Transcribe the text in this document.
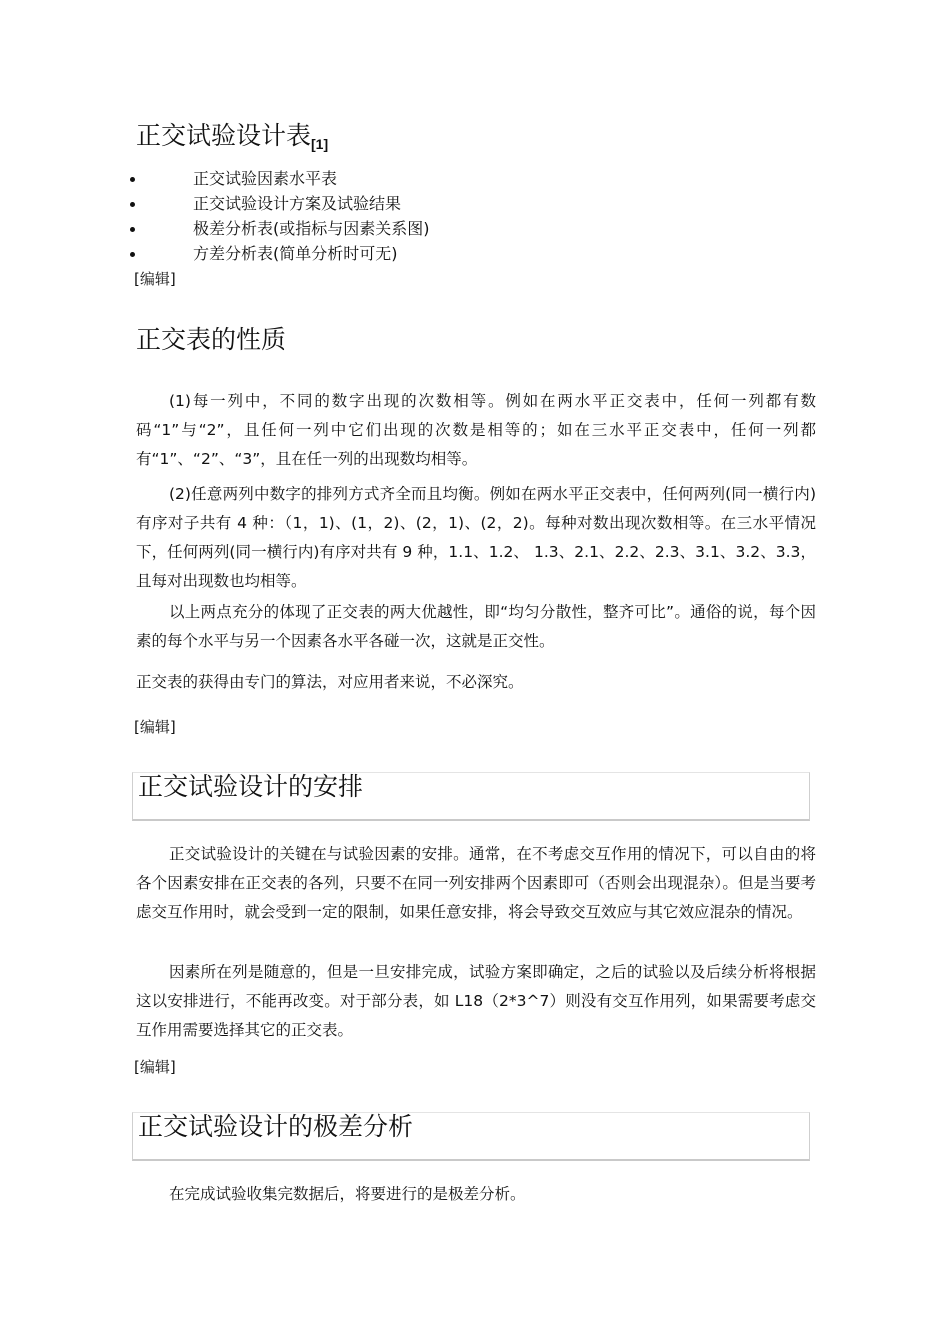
正交试验设计表$_{[1]}$
正交试验因素水平表
正交试验设计方案及试验结果
极差分析表(或指标与因素关系图)
方差分析表(简单分析时可无)
[编辑]
正交表的性质
(1)每一列中，不同的数字出现的次数相等。例如在两水平正交表中，任何一列都有数码“1”与“2”，且任何一列中它们出现的次数是相等的；如在三水平正交表中，任何一列都有“1”、“2”、“3”，且在任一列的出现数均相等。
(2)任意两列中数字的排列方式齐全而且均衡。例如在两水平正交表中，任何两列(同一横行内)有序对子共有 4 种：（1，1)、(1，2)、(2，1)、(2，2)。每种对数出现次数相等。在三水平情况下，任何两列(同一横行内)有序对共有 9 种，1.1、1.2、 1.3、2.1、2.2、2.3、3.1、3.2、3.3，且每对出现数也均相等。
以上两点充分的体现了正交表的两大优越性，即“均匀分散性，整齐可比”。通俗的说，每个因素的每个水平与另一个因素各水平各碰一次，这就是正交性。
正交表的获得由专门的算法，对应用者来说，不必深究。
[编辑]
正交试验设计的安排
正交试验设计的关键在与试验因素的安排。通常，在不考虑交互作用的情况下，可以自由的将各个因素安排在正交表的各列，只要不在同一列安排两个因素即可（否则会出现混杂）。但是当要考虑交互作用时，就会受到一定的限制，如果任意安排，将会导致交互效应与其它效应混杂的情况。
因素所在列是随意的，但是一旦安排完成，试验方案即确定，之后的试验以及后续分析将根据这以安排进行，不能再改变。对于部分表，如 L18（2*3^7）则没有交互作用列，如果需要考虑交互作用需要选择其它的正交表。
[编辑]
正交试验设计的极差分析
在完成试验收集完数据后，将要进行的是极差分析。
